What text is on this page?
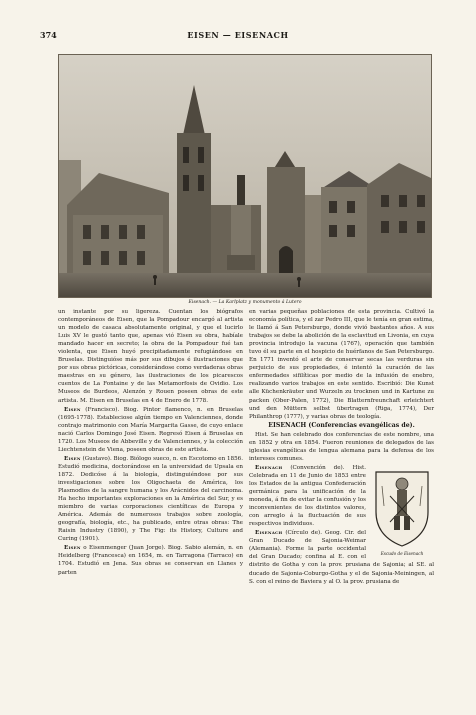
374	EISEN — EISENACH
Eisenach. — La Karlplatz y monumento á Lutero

un instante por su ligereza. Cuentan los biógrafos contemporáneos de Eisen, que la Pompadour encargó al artista un modelo de casaca absolutamente original, y que el lucirlo Luis XV le gustó tanto que, apenas vió Eisen su obra, habíale mandado hacer en secreto; la obra de la Pompadour fué tan violenta, que Eisen huyó precipitadamente refugiándose en Bruselas. Distinguióse más por sus dibujos é ilustraciones que por sus obras pictóricas, considerándose como verdaderas obras maestras en su género, las ilustraciones de los picarescos cuentos de La Fontaine y de las Metamorfosis de Ovidio. Los Museos de Burdeos, Alenzón y Rouen poseen obras de este artista. M. Eisen en Bruselas en 4 de Enero de 1778.

Eisen (Francisco). Biog. Pintor flamenco, n. en Bruselas (1695-1778). Estableciose algún tiempo en Valenciennes, donde contrajo matrimonio con María Margarita Gasse, de cuyo enlace nació Carlos Domingo José Eisen. Regresó Eisen á Bruselas en 1720. Los Museos de Abbeville y de Valenciennes, y la colección Liechtenstein de Viena, poseen obras de este artista.

Eisen (Gustavo). Biog. Biólogo sueco, n. en Escotomo en 1856. Estudió medicina, doctorándose en la universidad de Upsala en 1872. Dedicóse á la biología, distinguiéndose por sus investigaciones sobre los Oligochaeta de América, los Plasmodios de la sangre humana y los Arácnidos del carcinoma. Ha hecho importantes exploraciones en la América del Sur, y es miembro de varias corporaciones científicas de Europa y América. Además de numerosos trabajos sobre zoología, geografía, biología, etc., ha publicado, entre otras obras: The Raisin Industry (1890), y The Fig: its History, Culture and Curing (1901).

Eisen o Eisenmenger (Juan Jorge). Biog. Sabio alemán, n. en Heidelberg (Francesca) en 1654, m. en Tarragona (Tarraco) en 1704. Estudió en Jena. Sus obras se conservan en Llanes y parten

en varias pequeñas poblaciones de esta provincia. Cultivó la economía política, y el zar Pedro III, que le tenía en gran estima, le llamó á San Petersburgo, donde vivió bastantes años. A sus trabajos se debe la abolición de la esclavitud en Livonia, en cuya provincia introdujo la vacuna (1767), operación que también tuvo él su parte en el hospicio de huérfanos de San Petersburgo. En 1771 inventó el arte de conservar secas las verduras sin perjuicio de sus propiedades, é intentó la curación de las enfermedades sifilíticas por medio de la infusión de enebro, realizando varios trabajos en este sentido. Escribió: Die Kunst alle Küchenkräuter und Wurzeln zu trocknen und in Kartune zu packen (Ober-Palen, 1772), Die Blatternfreunchaft erleichtert und den Müttern selbst übertragen (Riga, 1774), Der Philanthrop (1777), y varias obras de teología.

EISENACH (Conferencias evangélicas de).

Hist. Se han celebrado dos conferencias de este nombre, una en 1852 y otra en 1854. Fueron reuniones de delegados de las iglesias evangélicas de lengua alemana para la defensa de los intereses comunes.

Escudo de Eisenach

Eisenach (Convención de). Hist. Celebrada en 11 de Junio de 1853 entre los Estados de la antigua Confederación germánica para la unificación de la moneda, á fin de evitar la confusión y los inconvenientes de los distintos valores, con arreglo á la fluctuación de sus respectivos individuos.

Eisenach (Círculo de). Geog. Cir. del Gran Ducado de Sajonia-Weimar (Alemania). Forme la parte occidental del Gran Ducado; confina al E. con el distrito de Gotha y con la prov. prusiana de Sajonia; al SE. al ducado de Sajonia-Coburgo-Gotha y el de Sajonia-Meiningen, al S. con el reino de Baviera y al O. la prov. prusiana de
